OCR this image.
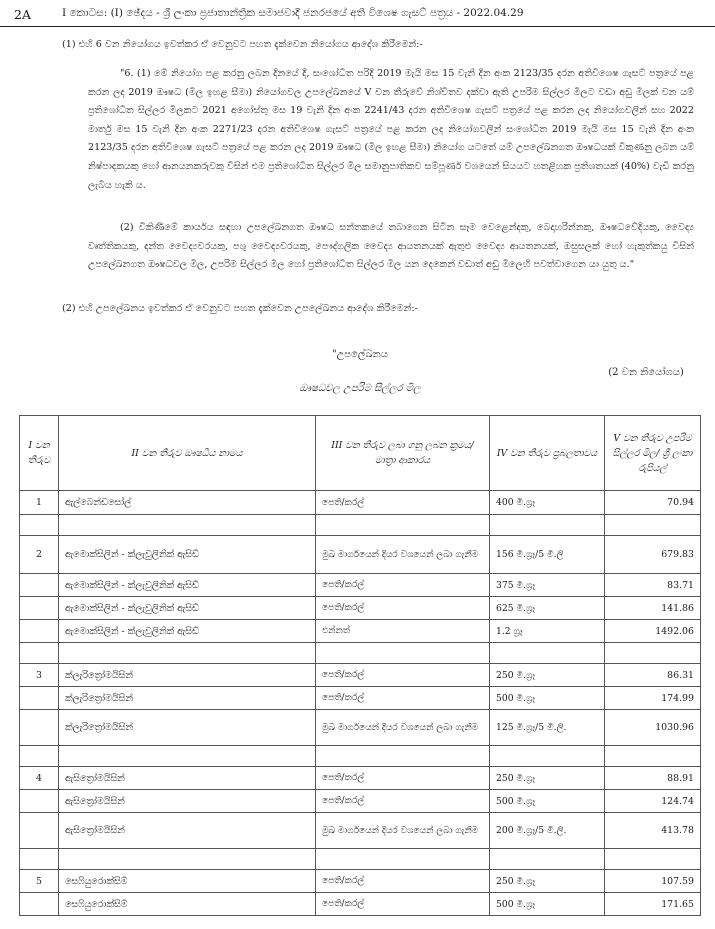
2A	I කොටස: (I) ඡේදය - ශ්‍රී ලංකා ප්‍රජාතාන්ත්‍රික සමාජවාදී ජනරජයේ අති විශෙෂ ගැසට් පත්‍රය - 2022.04.29
(1) එහි 6 වන නියෝගය ඉවත්කර ඒ වෙනුවට පහත දැක්වෙන නියෝගය ආදේශ කිරීමෙන්:-
"6. (1) මේ නියෝග පළ කරනු ලබන දිනයේ දී, සංශෝධිත පරිදි 2019 මැයි මස 15 වැනි දින අංක 2123/35 දරන අතිවිශෙෂ ගැසට් පත්‍රයේ පළ කරන ලද 2019 ඖෂධ (මිල ඉහළ සීමා) නියෝගවල උපලේඛනයේ V වන තීරුවේ නිශ්චිතව දක්වා ඇති උපරිම සිල්ලර මිලට වඩා අඩු මිලක් වන යම් ප්‍රතිශෝධිත සිල්ලර මිලකට 2021 අගෝස්තු මස 19 වැනි දින අංක 2241/43 දරන අතිවිශෙෂ ගැසට් පත්‍රයේ පළ කරන ලද නියෝගවලින් සහ 2022 මාර්තු මස 15 වැනි දින අංක 2271/23 දරන අතිවිශෙෂ ගැසට් පත්‍රයේ පළ කරන ලද නියෝගවලින් සංශෝධිත 2019 මැයි මස 15 වැනි දින අංක 2123/35 දරන අතිවිශෙෂ ගැසට් පත්‍රයේ පළ කරන ලද 2019 ඖෂධ (මිල ඉහළ සීමා) නියෝග යටතේ යම් උපලේඛනගත ඖෂධයක් විකුණනු ලබන යම් නිෂ්පාදකයකු හෝ ආනයනකරුවකු විසින් එම ප්‍රතිශෝධිත සිල්ලර මිල සමානුපාතිකව සම්පූර්ණ වශයෙන් සියයට හතළිහක ප්‍රතිශතයක් (40%) වැඩි කරනු ලැබිය හැකි ය.
(2) විකිණීමේ කාර්යය සඳහා උපලේඛනගත ඖෂධ සන්තකයේ තබාගෙන සිටින සෑම වෙළෙන්දකු, බෙදාහරින්නකු, ඖෂධවේදියකු, වෛද්‍ය වෘත්තිකයකු, දන්ත වෛද්‍යවරයකු, පශු වෛද්‍යවරයකු, පෞද්ගලික වෛද්‍ය ආයතනයක් ඇතුළු වෛද්‍ය ආයතනයක්, ඔසුසලක් හෝ හැකුත්කයු විසින් උපලේඛනගත ඖෂධවල මිල, උපරිම සිල්ලර මිල හෝ ප්‍රතිශෝධිත සිල්ලර මිල යන දෙකෙන් වඩාත් අඩු මිලෙහි පවත්වාගෙන යා යුතු ය."
(2) එහි උපලේඛනය ඉවත්කර ඒ වෙනුවට පහත දැක්වෙන උපලේඛනය ආදේශ කිරීමෙන්:-
"උපලේඛනය
(2 වන නියෝගය)
ඖෂධවල උපරිම සිල්ලර මිල
I වන තීරුව	II වන තීරුව ඖෂධීය නාමය	III වන තීරුව ලබා ගනු ලබන ක්‍රමය/මාත්‍රා ආකාරය	IV වන තීරුව ප්‍රබලතාවය	V වන තීරුව උපරිම සිල්ලර මිල/ ශ්‍රී ලංකා රුපියල්
1	ඇල්බෙන්ඩසෝල්	පෙති/කරල්	400 මි.ග්‍රෑ	70.94

2	ඇමොක්සිලින් - ක්ලැවුලිනික් ඇසිඩ්	මුඛ මාර්ගයෙන් දියර වශයෙන් ලබා ගැනීම	156 මි.ග්‍රෑ/5 මි.ලි	679.83
	ඇමොක්සිලින් - ක්ලැවුලිනික් ඇසිඩ්	පෙති/කරල්	375 මි.ග්‍රෑ	83.71
	ඇමොක්සිලින් - ක්ලැවුලිනික් ඇසිඩ්	පෙති/කරල්	625 මි.ග්‍රෑ	141.86
	ඇමොක්සිලින් - ක්ලැවුලිනික් ඇසිඩ්	එන්නත්	1.2 ග්‍රෑ	1492.06

3	ක්ලැරිත්‍රෝමයිසින්	පෙති/කරල්	250 මි.ග්‍රෑ	86.31
	ක්ලැරිත්‍රෝමයිසින්	පෙති/කරල්	500 මි.ග්‍රෑ	174.99
	ක්ලැරිත්‍රෝමයිසින්	මුඛ මාර්ගයෙන් දියර වශයෙන් ලබා ගැනීම	125 මි.ග්‍රෑ/5 මි.ලි.	1030.96

4	ඇසිත්‍රෝමයිසින්	පෙති/කරල්	250 මි.ග්‍රෑ	88.91
	ඇසිත්‍රෝමයිසින්	පෙති/කරල්	500 මි.ග්‍රෑ	124.74
	ඇසිත්‍රෝමයිසින්	මුඛ මාර්ගයෙන් දියර වශයෙන් ලබා ගැනීම	200 මි.ග්‍රෑ/5 මි.ලි.	413.78

5	සෙෆියුරොක්සිම්	පෙති/කරල්	250 මි.ග්‍රෑ	107.59
	සෙෆියුරොක්සිම්	පෙති/කරල්	500 මි.ග්‍රෑ	171.65
